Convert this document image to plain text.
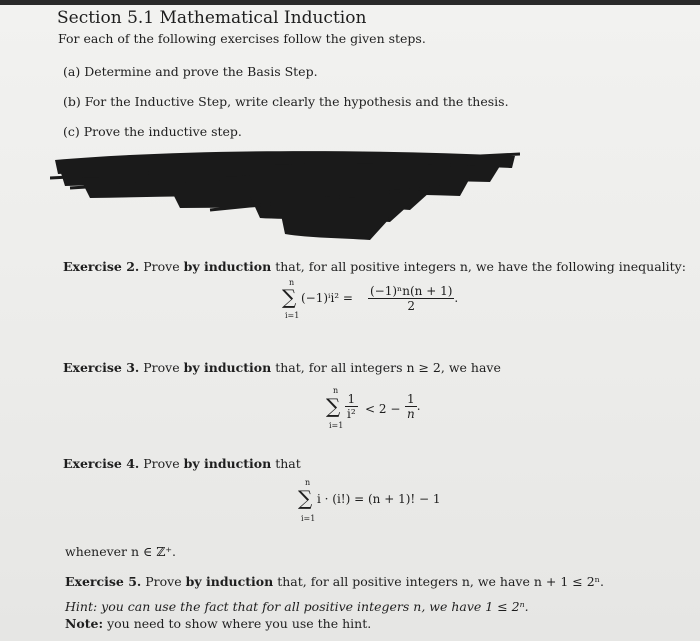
Section 5.1 Mathematical Induction
For each of the following exercises follow the given steps.
(a) Determine and prove the Basis Step.
(b) For the Inductive Step, write clearly the hypothesis and the thesis.
(c) Prove the inductive step.
Exercise 2. Prove by induction that, for all positive integers n, we have the following inequality:
n
∑
i=1
$(-1)^ii^2 = \frac{\text{(−1)ⁿn(n + 1)}}{2}$ .
Exercise 3. Prove by induction that, for all integers n ≥ 2, we have
n
∑
i=1
$\frac{1}{\text{i²}} < 2 - \frac{1}{n}$ .
Exercise 4. Prove by induction that
n
∑
i=1
i · (i!) = (n + 1)! − 1
whenever n ∈ ℤ⁺.
Exercise 5. Prove by induction that, for all positive integers n, we have n + 1 ≤ 2ⁿ.
Hint: you can use the fact that for all positive integers n, we have 1 ≤ 2ⁿ.
Note: you need to show where you use the hint.
